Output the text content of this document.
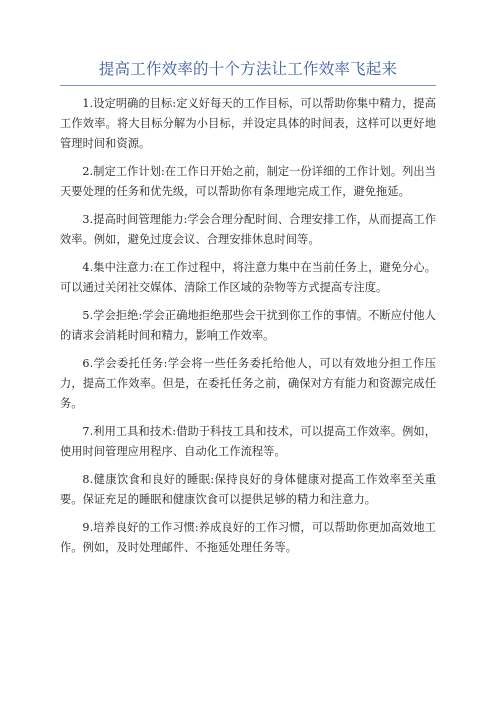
提高工作效率的十个方法让工作效率飞起来

1.设定明确的目标:定义好每天的工作目标，可以帮助你集中精力，提高工作效率。将大目标分解为小目标，并设定具体的时间表，这样可以更好地管理时间和资源。

2.制定工作计划:在工作日开始之前，制定一份详细的工作计划。列出当天要处理的任务和优先级，可以帮助你有条理地完成工作，避免拖延。

3.提高时间管理能力:学会合理分配时间、合理安排工作，从而提高工作效率。例如，避免过度会议、合理安排休息时间等。

4.集中注意力:在工作过程中，将注意力集中在当前任务上，避免分心。可以通过关闭社交媒体、清除工作区域的杂物等方式提高专注度。

5.学会拒绝:学会正确地拒绝那些会干扰到你工作的事情。不断应付他人的请求会消耗时间和精力，影响工作效率。

6.学会委托任务:学会将一些任务委托给他人，可以有效地分担工作压力，提高工作效率。但是，在委托任务之前，确保对方有能力和资源完成任务。

7.利用工具和技术:借助于科技工具和技术，可以提高工作效率。例如，使用时间管理应用程序、自动化工作流程等。

8.健康饮食和良好的睡眠:保持良好的身体健康对提高工作效率至关重要。保证充足的睡眠和健康饮食可以提供足够的精力和注意力。

9.培养良好的工作习惯:养成良好的工作习惯，可以帮助你更加高效地工作。例如，及时处理邮件、不拖延处理任务等。
